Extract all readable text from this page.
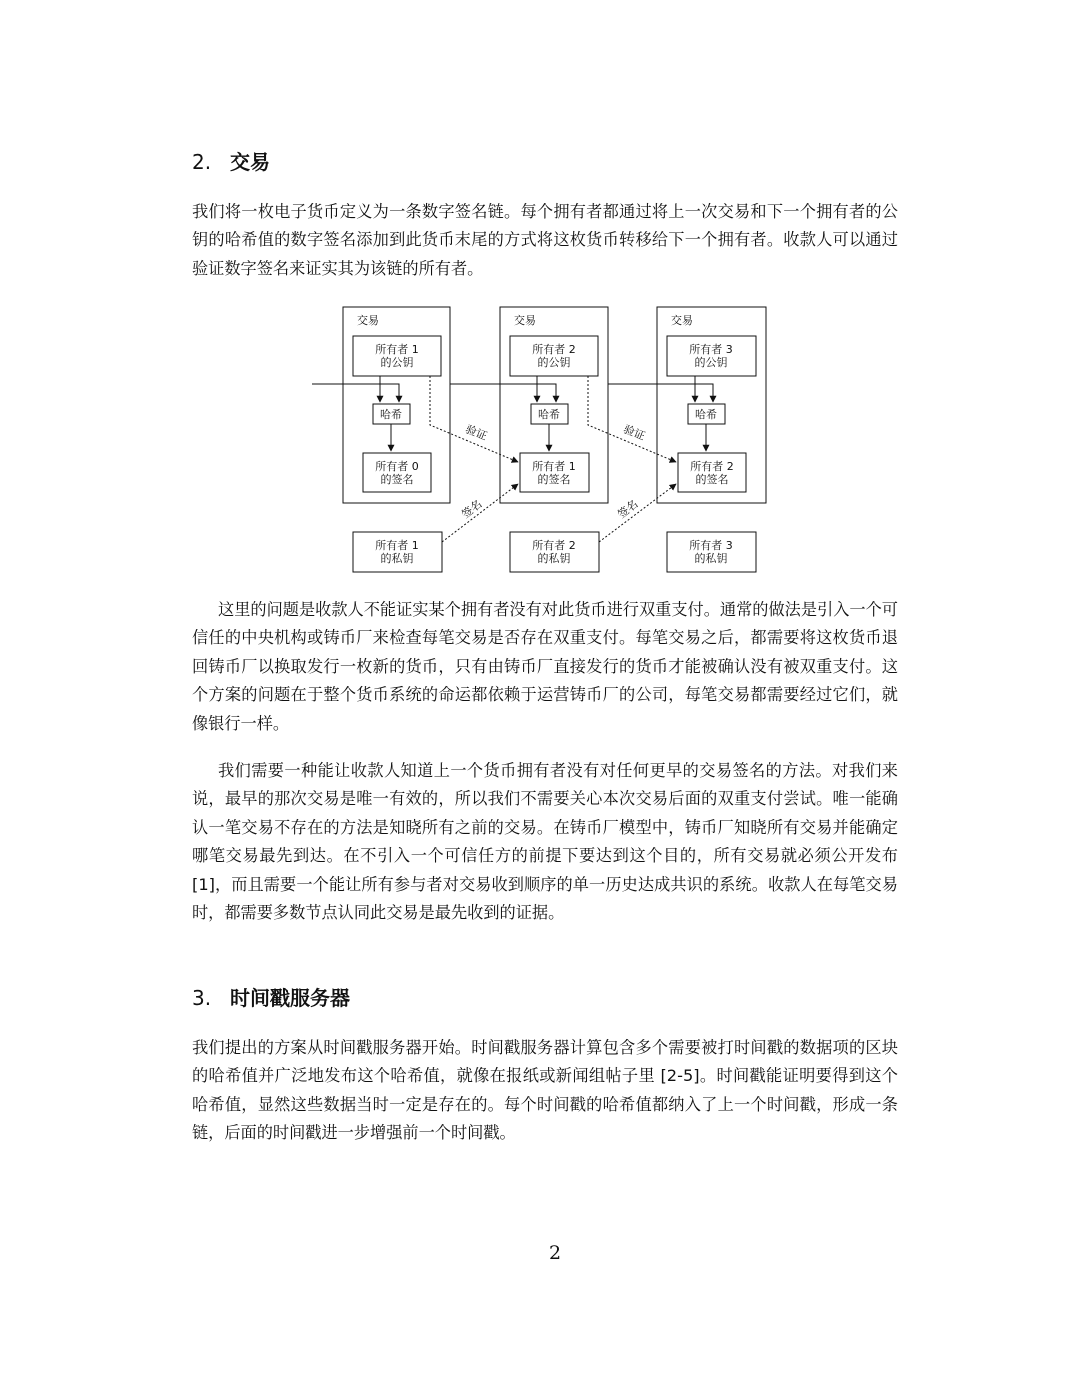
2. 交易

我们将一枚电子货币定义为一条数字签名链。每个拥有者都通过将上一次交易和下一个拥有者的公钥的哈希值的数字签名添加到此货币末尾的方式将这枚货币转移给下一个拥有者。收款人可以通过验证数字签名来证实其为该链的所有者。

交易	交易	交易
所有者 1
的公钥
所有者 2
的公钥
所有者 3
的公钥
哈希	哈希	哈希
所有者 0
的签名
所有者 1
的签名
所有者 2
的签名
所有者 1
的私钥
所有者 2
的私钥
所有者 3
的私钥
验证	验证
签名	签名

这里的问题是收款人不能证实某个拥有者没有对此货币进行双重支付。通常的做法是引入一个可信任的中央机构或铸币厂来检查每笔交易是否存在双重支付。每笔交易之后，都需要将这枚货币退回铸币厂以换取发行一枚新的货币，只有由铸币厂直接发行的货币才能被确认没有被双重支付。这个方案的问题在于整个货币系统的命运都依赖于运营铸币厂的公司，每笔交易都需要经过它们，就像银行一样。

我们需要一种能让收款人知道上一个货币拥有者没有对任何更早的交易签名的方法。对我们来说，最早的那次交易是唯一有效的，所以我们不需要关心本次交易后面的双重支付尝试。唯一能确认一笔交易不存在的方法是知晓所有之前的交易。在铸币厂模型中，铸币厂知晓所有交易并能确定哪笔交易最先到达。在不引入一个可信任方的前提下要达到这个目的，所有交易就必须公开发布 [1]，而且需要一个能让所有参与者对交易收到顺序的单一历史达成共识的系统。收款人在每笔交易时，都需要多数节点认同此交易是最先收到的证据。

3. 时间戳服务器

我们提出的方案从时间戳服务器开始。时间戳服务器计算包含多个需要被打时间戳的数据项的区块的哈希值并广泛地发布这个哈希值，就像在报纸或新闻组帖子里 [2-5]。时间戳能证明要得到这个哈希值，显然这些数据当时一定是存在的。每个时间戳的哈希值都纳入了上一个时间戳，形成一条链，后面的时间戳进一步增强前一个时间戳。

2
